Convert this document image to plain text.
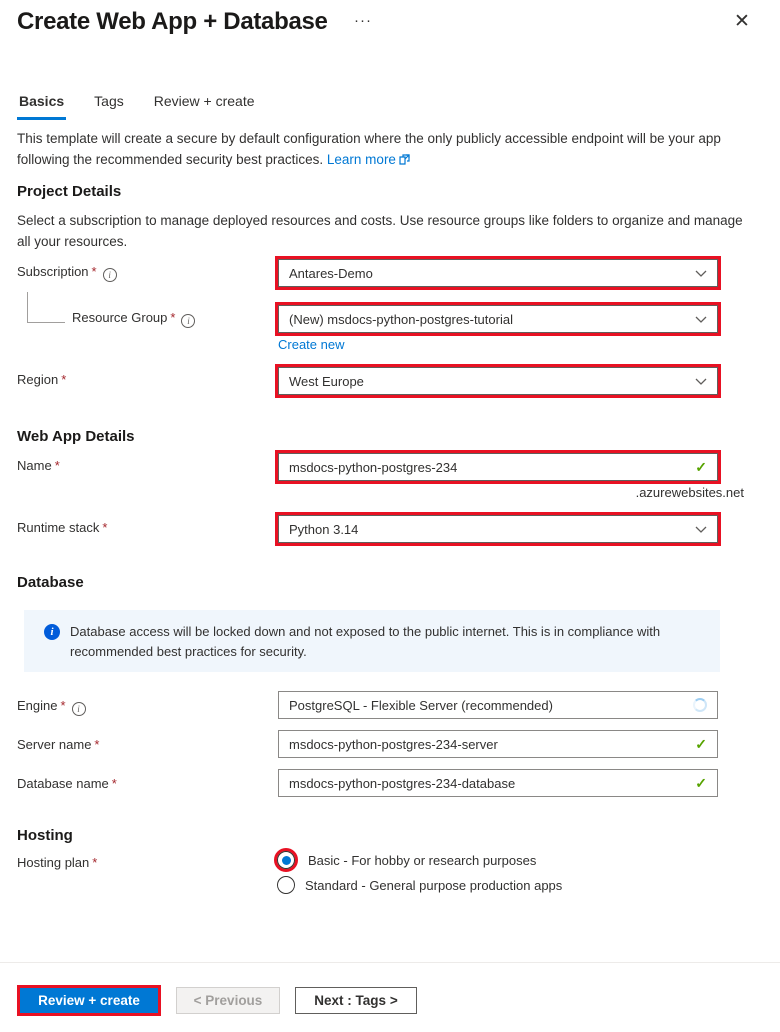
Create Web App + Database ···	✕
Basics Tags Review + create
This template will create a secure by default configuration where the only publicly accessible endpoint will be your app following the recommended security best practices. Learn more
Project Details
Select a subscription to manage deployed resources and costs. Use resource groups like folders to organize and manage all your resources.
Subscription * i	Antares-Demo
Resource Group * i	(New) msdocs-python-postgres-tutorial
Create new
Region *	West Europe
Web App Details
Name *	msdocs-python-postgres-234	✓
.azurewebsites.net
Runtime stack *	Python 3.14
Database
i	Database access will be locked down and not exposed to the public internet. This is in compliance with recommended best practices for security.
Engine * i	PostgreSQL - Flexible Server (recommended)
Server name *	msdocs-python-postgres-234-server	✓
Database name *	msdocs-python-postgres-234-database	✓
Hosting
Hosting plan *	Basic - For hobby or research purposes
Standard - General purpose production apps
Review + create	< Previous	Next : Tags >
